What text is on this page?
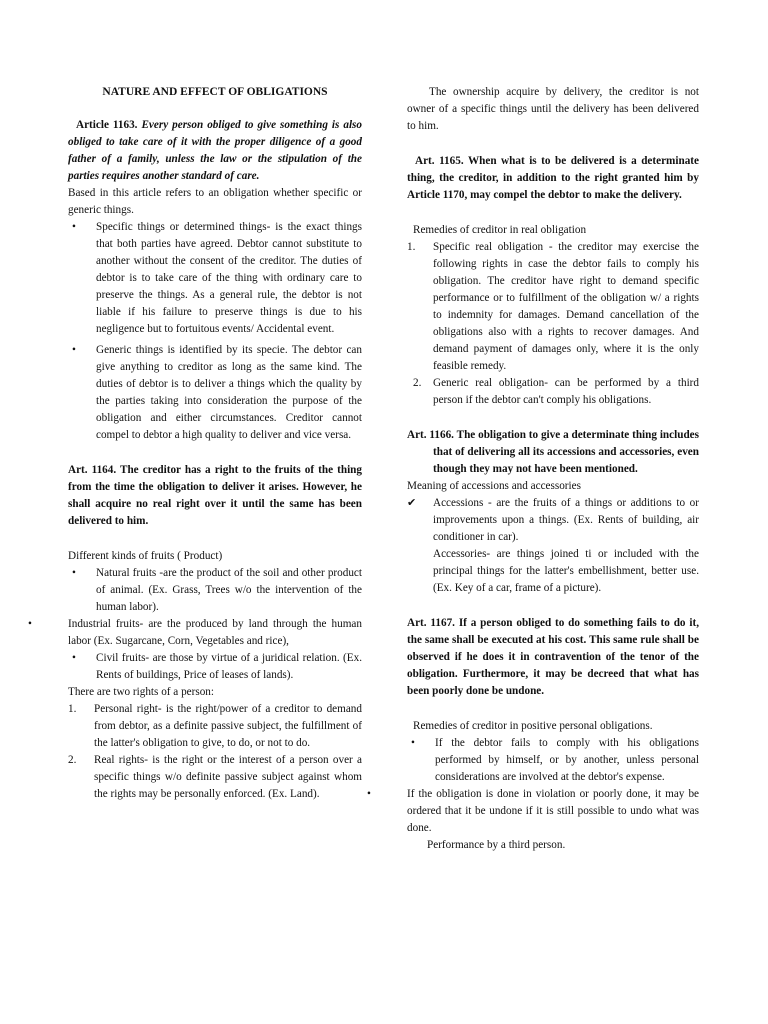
NATURE AND EFFECT OF OBLIGATIONS

Article 1163. Every person obliged to give something is also obliged to take care of it with the proper diligence of a good father of a family, unless the law or the stipulation of the parties requires another standard of care.

Based in this article refers to an obligation whether specific or generic things.

• Specific things or determined things- is the exact things that both parties have agreed. Debtor cannot substitute to another without the consent of the creditor. The duties of debtor is to take care of the thing with ordinary care to preserve the things. As a general rule, the debtor is not liable if his failure to preserve things is due to his negligence but to fortuitous events/ Accidental event.
• Generic things is identified by its specie. The debtor can give anything to creditor as long as the same kind. The duties of debtor is to deliver a things which the quality by the parties taking into consideration the purpose of the obligation and either circumstances. Creditor cannot compel to debtor a high quality to deliver and vice versa.

Art. 1164. The creditor has a right to the fruits of the thing from the time the obligation to deliver it arises. However, he shall acquire no real right over it until the same has been delivered to him.

Different kinds of fruits ( Product)

• Natural fruits -are the product of the soil and other product of animal. (Ex. Grass, Trees w/o the intervention of the human labor).
• Industrial fruits- are the produced by land through the human labor (Ex. Sugarcane, Corn, Vegetables and rice),
• Civil fruits- are those by virtue of a juridical relation. (Ex. Rents of buildings, Price of leases of lands).

There are two rights of a person:

1. Personal right- is the right/power of a creditor to demand from debtor, as a definite passive subject, the fulfillment of the latter's obligation to give, to do, or not to do.
2. Real rights- is the right or the interest of a person over a specific things w/o definite passive subject against whom the rights may be personally enforced. (Ex. Land).

The ownership acquire by delivery, the creditor is not owner of a specific things until the delivery has been delivered to him.

Art. 1165. When what is to be delivered is a determinate thing, the creditor, in addition to the right granted him by Article 1170, may compel the debtor to make the delivery.

Remedies of creditor in real obligation

1. Specific real obligation - the creditor may exercise the following rights in case the debtor fails to comply his obligation. The creditor have right to demand specific performance or to fulfillment of the obligation w/ a rights to indemnity for damages. Demand cancellation of the obligations also with a rights to recover damages. And demand payment of damages only, where it is the only feasible remedy.
2. Generic real obligation- can be performed by a third person if the debtor can't comply his obligations.

Art. 1166. The obligation to give a determinate thing includes that of delivering all its accessions and accessories, even though they may not have been mentioned.

Meaning of accessions and accessories

✔ Accessions - are the fruits of a things or additions to or improvements upon a things. (Ex. Rents of building, air conditioner in car).

Accessories- are things joined ti or included with the principal things for the latter's embellishment, better use. (Ex. Key of a car, frame of a picture).

Art. 1167. If a person obliged to do something fails to do it, the same shall be executed at his cost. This same rule shall be observed if he does it in contravention of the tenor of the obligation. Furthermore, it may be decreed that what has been poorly done be undone.

Remedies of creditor in positive personal obligations.

• If the debtor fails to comply with his obligations performed by himself, or by another, unless personal considerations are involved at the debtor's expense.
• If the obligation is done in violation or poorly done, it may be ordered that it be undone if it is still possible to undo what was done.

Performance by a third person.
